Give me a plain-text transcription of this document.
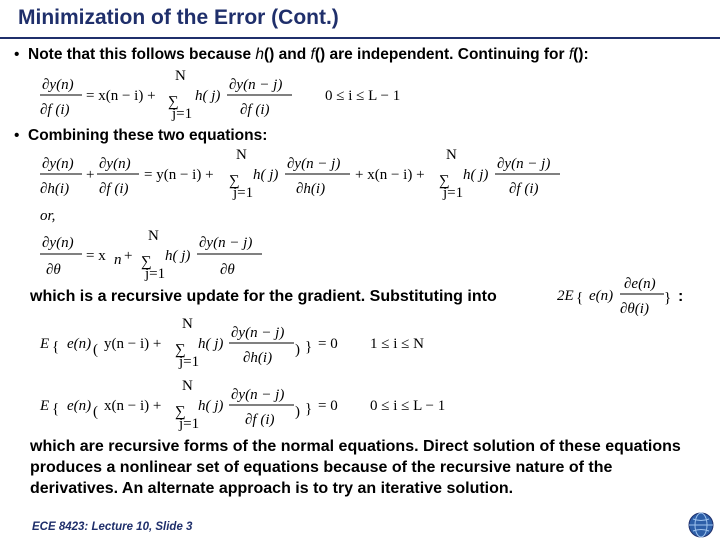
Minimization of the Error (Cont.)
• Note that this follows because h() and f() are independent. Continuing for f():
∂y(n)
∂f (i)
= x(n − i) +
N
∑
j=1
h( j)
∂y(n − j)
∂f (i)
0 ≤ i ≤ L − 1
∂y(n)
∂h(i)
+
∂y(n)
∂f (i)
= y(n − i) +
N
∑
j=1
h( j)
∂y(n − j)
∂h(i)
+ x(n − i) +
N
∑
j=1
h( j)
∂y(n − j)
∂f (i)
or,
∂y(n)
∂θ
= x n +
N
∑
j=1
h( j)
∂y(n − j)
∂θ
2E { e(n)
∂e(n)
∂θ(i)
}
E { e(n) ( y(n − i) +
N
∑
j=1
h( j)
∂y(n − j)
∂h(i) ) } = 0 1 ≤ i ≤ N
E { e(n) ( x(n − i) +
N
∑
j=1
h( j)
∂y(n − j)
∂f (i) ) } = 0 0 ≤ i ≤ L − 1
• Combining these two equations:
which is a recursive update for the gradient. Substituting into	:
which are recursive forms of the normal equations. Direct solution of these equations produces a nonlinear set of equations because of the recursive nature of the derivatives. An alternate approach is to try an iterative solution.
ECE 8423: Lecture 10, Slide 3
